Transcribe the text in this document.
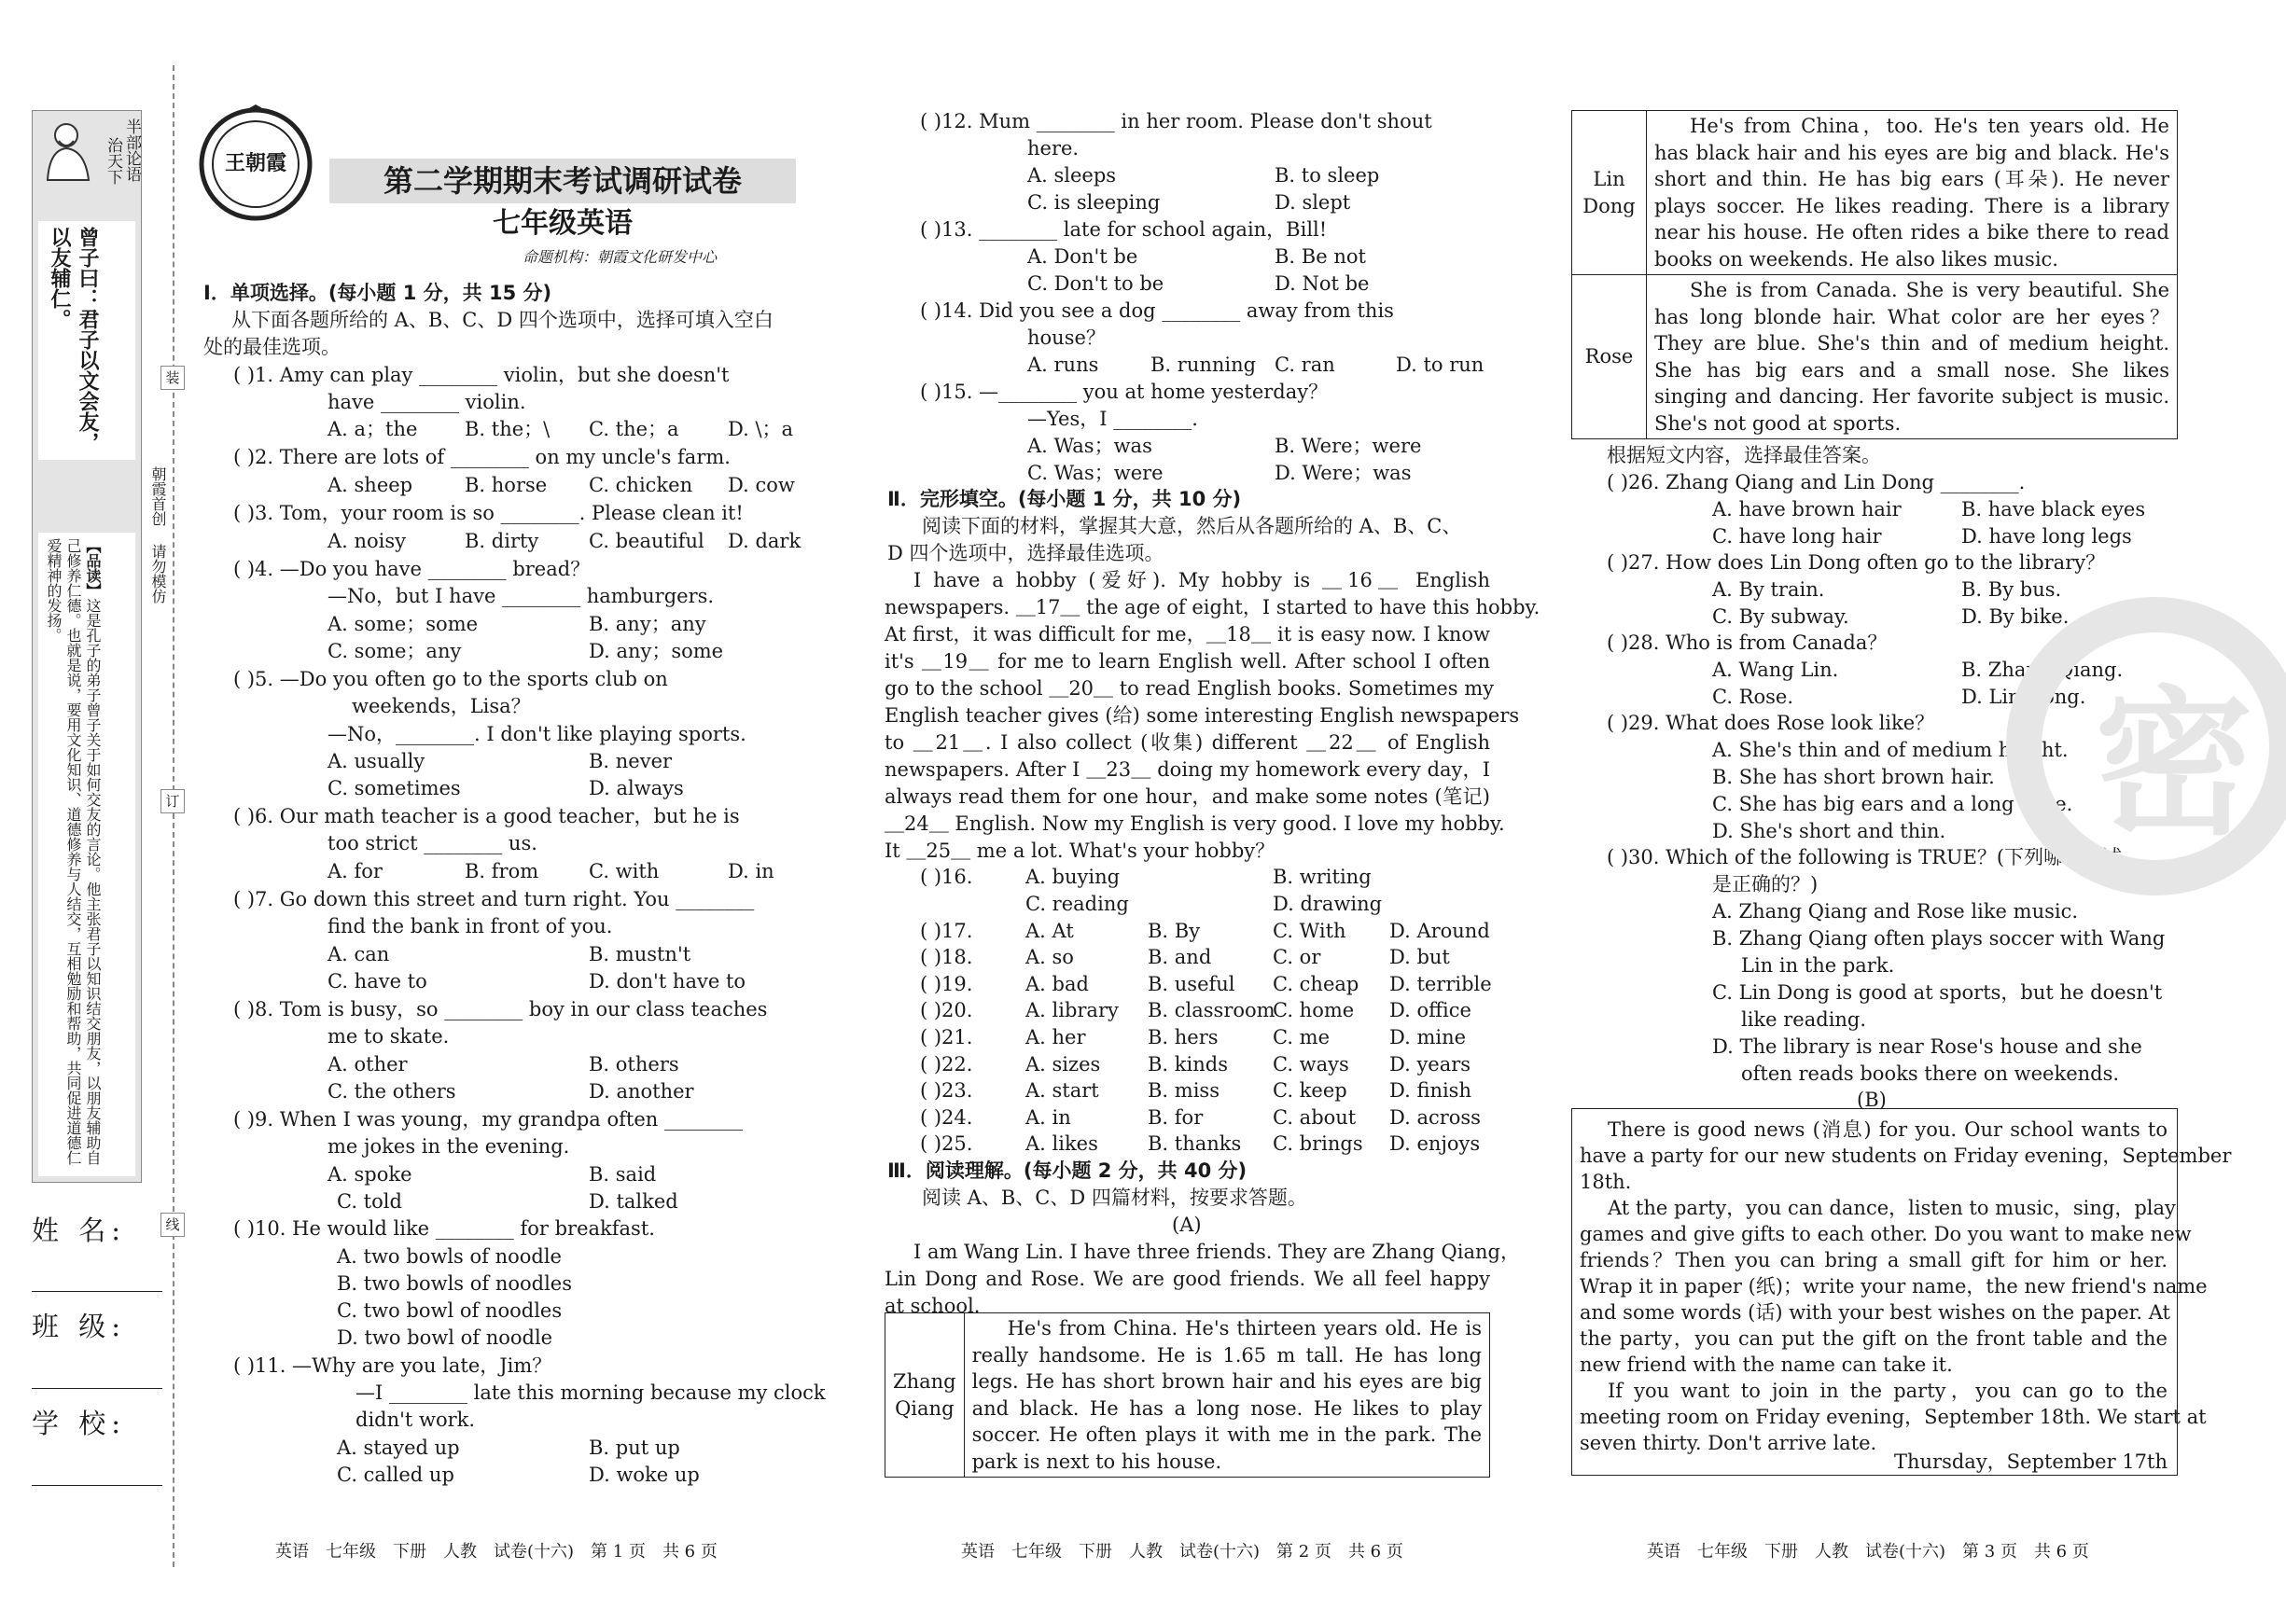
半部论语
治天下
曾子曰：君子以文会友，以友辅仁。
【品读】这是孔子的弟子曾子关于如何交友的言论。他主张君子以知识结交朋友，以朋友辅助自己修养仁德。也就是说，要用文化知识、道德修养与人结交，互相勉励和帮助，共同促进道德仁爱精神的发扬。	朝霞首创 请勿模仿
装
订
线
姓 名:
班 级:
学 校:
王朝霞	第二学期期末考试调研试卷
七年级英语
命题机构：朝霞文化研发中心
Ⅰ．单项选择。(每小题 1 分，共 15 分)
从下面各题所给的 A、B、C、D 四个选项中，选择可填入空白
处的最佳选项。
( )1. Amy can play ________ violin，but she doesn't
have ________ violin.
A. a；the B. the；\ C. the；a D. \；a
( )2. There are lots of ________ on my uncle's farm.
A. sheep	B. horse C. chicken D. cow
( )3. Tom，your room is so ________. Please clean it!
A. noisy	B. dirty	C. beautiful D. dark
( )4. —Do you have ________ bread？
—No，but I have ________ hamburgers.
A. some；some	B. any；any
C. some；any	D. any；some
( )5. —Do you often go to the sports club on
weekends，Lisa？
—No，________. I don't like playing sports.
A. usually	B. never
C. sometimes	D. always
( )6. Our math teacher is a good teacher，but he is
too strict ________ us.
A. for	B. from	C. with	D. in
( )7. Go down this street and turn right. You ________
find the bank in front of you.
A. can	B. mustn't
C. have to	D. don't have to
( )8. Tom is busy，so ________ boy in our class teaches
me to skate.
A. other	B. others
C. the others	D. another
( )9. When I was young，my grandpa often ________
me jokes in the evening.
A. spoke	B. said
C. told	D. talked
( )10. He would like ________ for breakfast.
A. two bowls of noodle
B. two bowls of noodles
C. two bowl of noodles
D. two bowl of noodle
( )11. —Why are you late，Jim？
—I ________ late this morning because my clock
didn't work.
A. stayed up	B. put up
C. called up	D. woke up
( )12. Mum ________ in her room. Please don't shout
here.
A. sleeps	B. to sleep
C. is sleeping	D. slept
( )13. ________ late for school again，Bill!
A. Don't be	B. Be not
C. Don't to be	D. Not be
( )14. Did you see a dog ________ away from this
house？
A. runs	B. running C. ran	D. to run
( )15. —________ you at home yesterday？
—Yes，I ________.
A. Was；was	B. Were；were
C. Was；were	D. Were；was
Ⅱ．完形填空。(每小题 1 分，共 10 分)
阅读下面的材料，掌握其大意，然后从各题所给的 A、B、C、
D 四个选项中，选择最佳选项。
I have a hobby (爱好). My hobby is ＿16＿ English
newspapers. ＿17＿ the age of eight，I started to have this hobby.
At first，it was difficult for me，＿18＿ it is easy now. I know
it's ＿19＿ for me to learn English well. After school I often
go to the school ＿20＿ to read English books. Sometimes my
English teacher gives (给) some interesting English newspapers
to ＿21＿. I also collect (收集) different ＿22＿ of English
newspapers. After I ＿23＿ doing my homework every day，I
always read them for one hour，and make some notes (笔记)
＿24＿ English. Now my English is very good. I love my hobby.
It ＿25＿ me a lot. What's your hobby？
( )16.	A. buying	B. writing
C. reading	D. drawing
( )17.	A. At	B. By	C. With D. Around
( )18.	A. so	B. and	C. or	D. but
( )19.	A. bad	B. useful C. cheap D. terrible
( )20.	A. library B. classroom
C. home D. office
( )21.	A. her	B. hers	C. me	D. mine
( )22.	A. sizes B. kinds C. ways D. years
( )23.	A. start B. miss	C. keep D. finish
( )24.	A. in	B. for	C. about D. across
( )25.	A. likes	B. thanks C. brings D. enjoys
Ⅲ．阅读理解。(每小题 2 分，共 40 分)
阅读 A、B、C、D 四篇材料，按要求答题。
(A)
I am Wang Lin. I have three friends. They are Zhang Qiang，
Lin Dong and Rose. We are good friends. We all feel happy
at school.
Zhang Qiang	He's from China. He's thirteen years old. He is really handsome. He is 1.65 m tall. He has long legs. He has short brown hair and his eyes are big and black. He has a long nose. He likes to play soccer. He often plays it with me in the park. The park is next to his house.
Lin Dong	He's from China，too. He's ten years old. He has black hair and his eyes are big and black. He's short and thin. He has big ears (耳朵). He never plays soccer. He likes reading. There is a library near his house. He often rides a bike there to read books on weekends. He also likes music.
Rose	She is from Canada. She is very beautiful. She has long blonde hair. What color are her eyes？They are blue. She's thin and of medium height. She has big ears and a small nose. She likes singing and dancing. Her favorite subject is music. She's not good at sports.
根据短文内容，选择最佳答案。
( )26. Zhang Qiang and Lin Dong ________.
A. have brown hair	B. have black eyes
C. have long hair	D. have long legs
( )27. How does Lin Dong often go to the library？
A. By train.	B. By bus.
C. By subway.	D. By bike.
( )28. Who is from Canada？
A. Wang Lin.	B. Zhang Qiang.
C. Rose.	D. Lin Dong.
( )29. What does Rose look like？
A. She's thin and of medium height.
B. She has short brown hair.
C. She has big ears and a long nose.
D. She's short and thin.
( )30. Which of the following is TRUE？(下列哪项陈述
是正确的？)
A. Zhang Qiang and Rose like music.
B. Zhang Qiang often plays soccer with Wang
Lin in the park.
C. Lin Dong is good at sports，but he doesn't
like reading.
D. The library is near Rose's house and she
often reads books there on weekends.
(B)
There is good news (消息) for you. Our school wants to
have a party for our new students on Friday evening，September
18th.
At the party，you can dance，listen to music，sing，play
games and give gifts to each other. Do you want to make new
friends？Then you can bring a small gift for him or her.
Wrap it in paper (纸)；write your name，the new friend's name
and some words (话) with your best wishes on the paper. At
the party，you can put the gift on the front table and the
new friend with the name can take it.
If you want to join in the party，you can go to the
meeting room on Friday evening，September 18th. We start at
seven thirty. Don't arrive late.
Thursday，September 17th
密
英语　七年级　下册　人教　试卷(十六)　第 1 页　共 6 页	英语　七年级　下册　人教　试卷(十六)　第 2 页　共 6 页	英语　七年级　下册　人教　试卷(十六)　第 3 页　共 6 页
